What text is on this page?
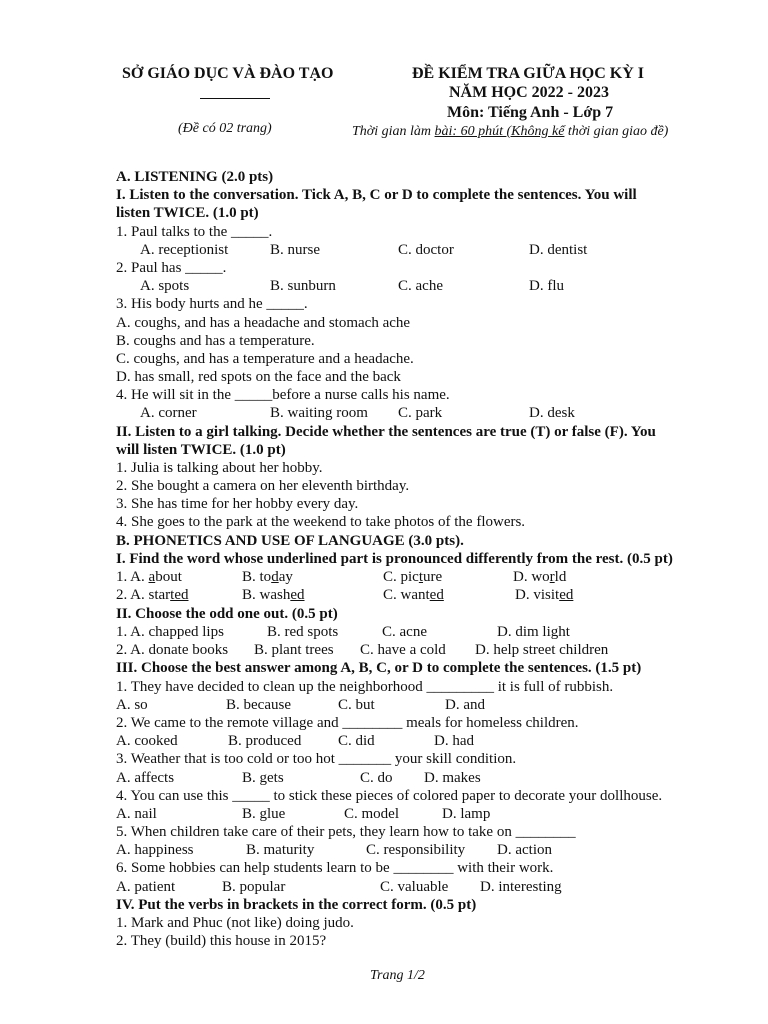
SỞ GIÁO DỤC VÀ ĐÀO TẠO
(Đề có 02 trang)
ĐỀ KIỂM TRA GIỮA HỌC KỲ I
NĂM HỌC 2022 - 2023
Môn: Tiếng Anh - Lớp 7
Thời gian làm bài: 60 phút (Không kể thời gian giao đề)
A. LISTENING (2.0 pts)
I. Listen to the conversation. Tick A, B, C or D to complete the sentences. You will
listen TWICE. (1.0 pt)
1. Paul talks to the _____.
A. receptionist	B. nurse	C. doctor	D. dentist
2. Paul has _____.
A. spots	B. sunburn	C. ache	D. flu
3. His body hurts and he _____.
A. coughs, and has a headache and stomach ache
B. coughs and has a temperature.
C. coughs, and has a temperature and a headache.
D. has small, red spots on the face and the back
4. He will sit in the _____before a nurse calls his name.
A. corner	B. waiting room C. park	D. desk
II. Listen to a girl talking. Decide whether the sentences are true (T) or false (F). You
will listen TWICE. (1.0 pt)
1. Julia is talking about her hobby.
2. She bought a camera on her eleventh birthday.
3. She has time for her hobby every day.
4. She goes to the park at the weekend to take photos of the flowers.
B. PHONETICS AND USE OF LANGUAGE (3.0 pts).
I. Find the word whose underlined part is pronounced differently from the rest. (0.5 pt)
1. A. about	B. today	C. picture	D. world
2. A. started	B. washed	C. wanted	D. visited
II. Choose the odd one out. (0.5 pt)
1. A. chapped lips	B. red spots	C. acne	D. dim light
2. A. donate books B. plant trees C. have a cold D. help street children
III. Choose the best answer among A, B, C, or D to complete the sentences. (1.5 pt)
1. They have decided to clean up the neighborhood _________ it is full of rubbish.
A. so	B. because	C. but	D. and
2. We came to the remote village and ________ meals for homeless children.
A. cooked	B. produced C. did	D. had
3. Weather that is too cold or too hot _______ your skill condition.
A. affects	B. gets	C. do D. makes
4. You can use this _____ to stick these pieces of colored paper to decorate your dollhouse.
A. nail	B. glue	C. model	D. lamp
5. When children take care of their pets, they learn how to take on ________
A. happiness	B. maturity	C. responsibility D. action
6. Some hobbies can help students learn to be ________ with their work.
A. patient	B. popular	C. valuable D. interesting
IV. Put the verbs in brackets in the correct form. (0.5 pt)
1. Mark and Phuc (not like) doing judo.
2. They (build) this house in 2015?
Trang 1/2
